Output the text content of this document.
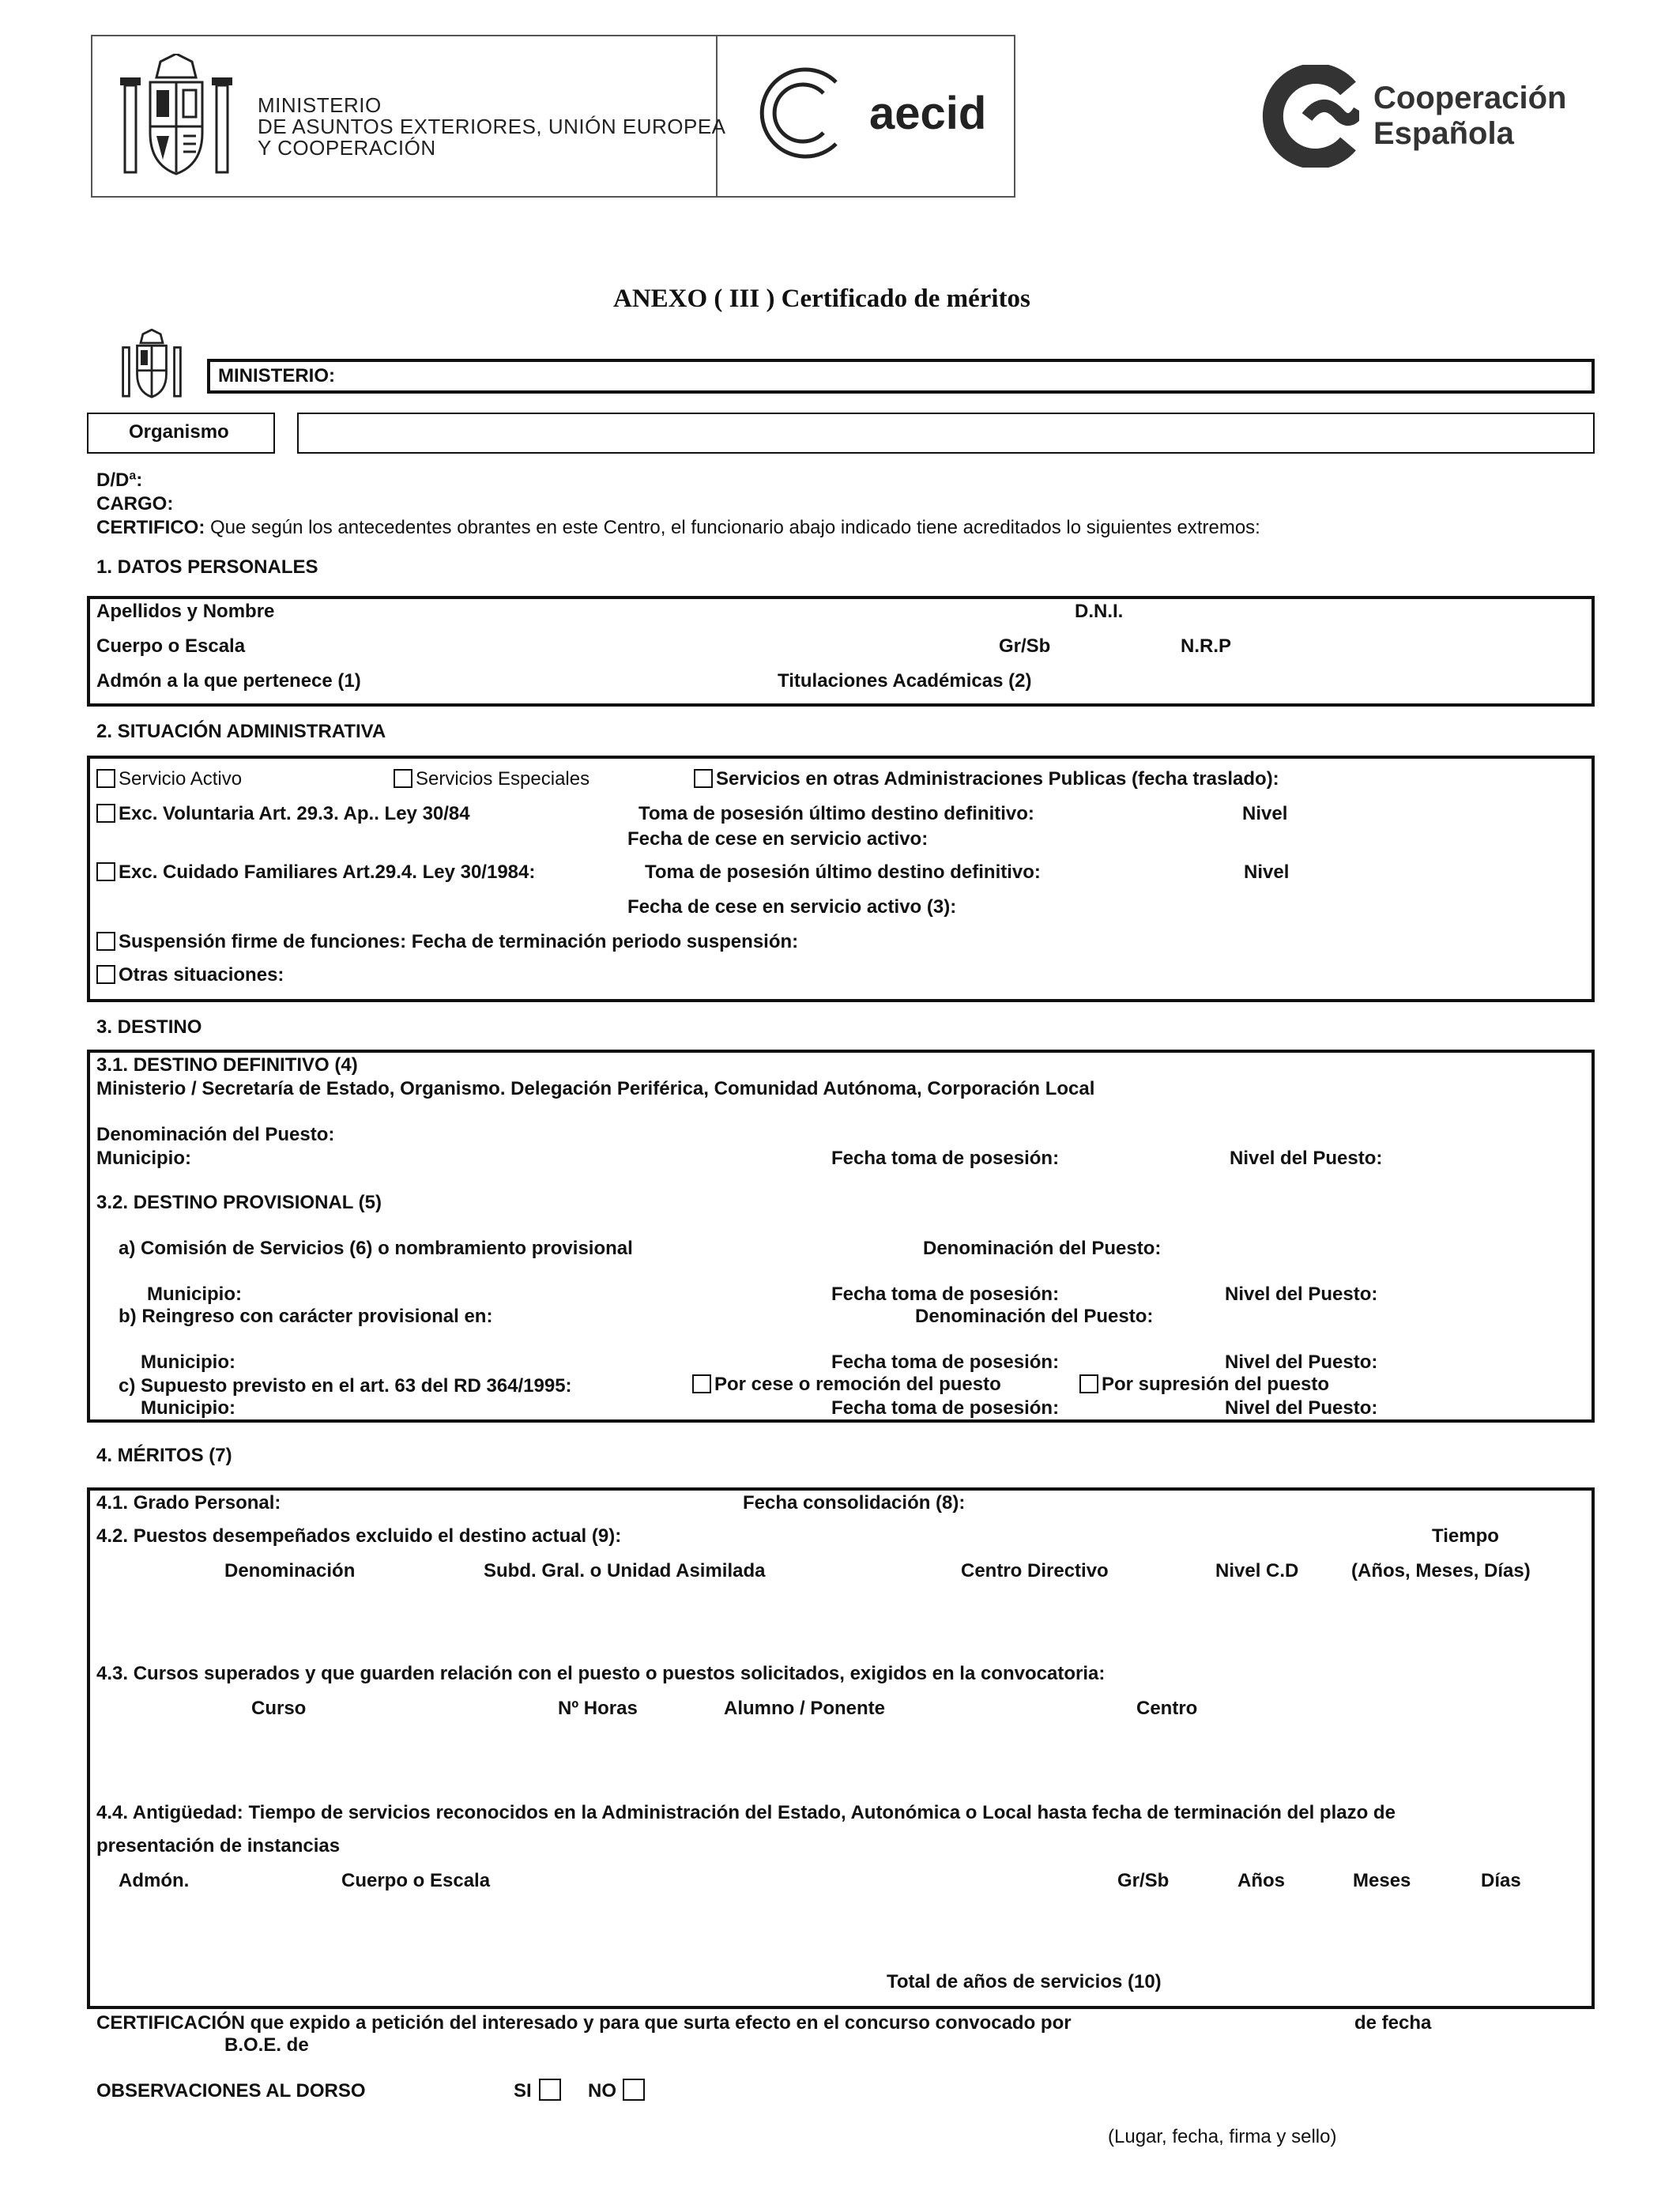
MINISTERIO
DE ASUNTOS EXTERIORES, UNIÓN EUROPEA
Y COOPERACIÓN
aecid	Cooperación
Española
ANEXO ( III ) Certificado de méritos
MINISTERIO:
Organismo
D/Dª:
CARGO:
CERTIFICO: Que según los antecedentes obrantes en este Centro, el funcionario abajo indicado tiene acreditados lo siguientes extremos:
1. DATOS PERSONALES
Apellidos y Nombre	D.N.I.
Cuerpo o Escala	Gr/Sb	N.R.P
Admón a la que pertenece (1)	Titulaciones Académicas (2)
2. SITUACIÓN ADMINISTRATIVA
Servicio Activo	Servicios Especiales	Servicios en otras Administraciones Publicas (fecha traslado):
Exc. Voluntaria Art. 29.3. Ap.. Ley 30/84	Toma de posesión último destino definitivo:	Nivel
Fecha de cese en servicio activo:
Exc. Cuidado Familiares Art.29.4. Ley 30/1984:	Toma de posesión último destino definitivo:	Nivel
Fecha de cese en servicio activo (3):
Suspensión firme de funciones: Fecha de terminación periodo suspensión:
Otras situaciones:
3. DESTINO
3.1. DESTINO DEFINITIVO (4)
Ministerio / Secretaría de Estado, Organismo. Delegación Periférica, Comunidad Autónoma, Corporación Local
Denominación del Puesto:
Municipio:	Fecha toma de posesión:	Nivel del Puesto:
3.2. DESTINO PROVISIONAL (5)
a) Comisión de Servicios (6) o nombramiento provisional	Denominación del Puesto:
Municipio:	Fecha toma de posesión:	Nivel del Puesto:
b) Reingreso con carácter provisional en:	Denominación del Puesto:
Municipio:	Fecha toma de posesión:	Nivel del Puesto:
c) Supuesto previsto en el art. 63 del RD 364/1995:	Por cese o remoción del puesto	Por supresión del puesto
Municipio:	Fecha toma de posesión:	Nivel del Puesto:
4. MÉRITOS (7)
4.1. Grado Personal:	Fecha consolidación (8):
4.2. Puestos desempeñados excluido el destino actual (9):	Tiempo
Denominación	Subd. Gral. o Unidad Asimilada	Centro Directivo	Nivel C.D	(Años, Meses, Días)
4.3. Cursos superados y que guarden relación con el puesto o puestos solicitados, exigidos en la convocatoria:
Curso	Nº Horas	Alumno / Ponente	Centro
4.4. Antigüedad: Tiempo de servicios reconocidos en la Administración del Estado, Autonómica o Local hasta fecha de terminación del plazo de
presentación de instancias
Admón.	Cuerpo o Escala	Gr/Sb	Años	Meses	Días
Total de años de servicios (10)
CERTIFICACIÓN que expido a petición del interesado y para que surta efecto en el concurso convocado por	de fecha
B.O.E. de
OBSERVACIONES AL DORSO	SI	NO
(Lugar, fecha, firma y sello)
